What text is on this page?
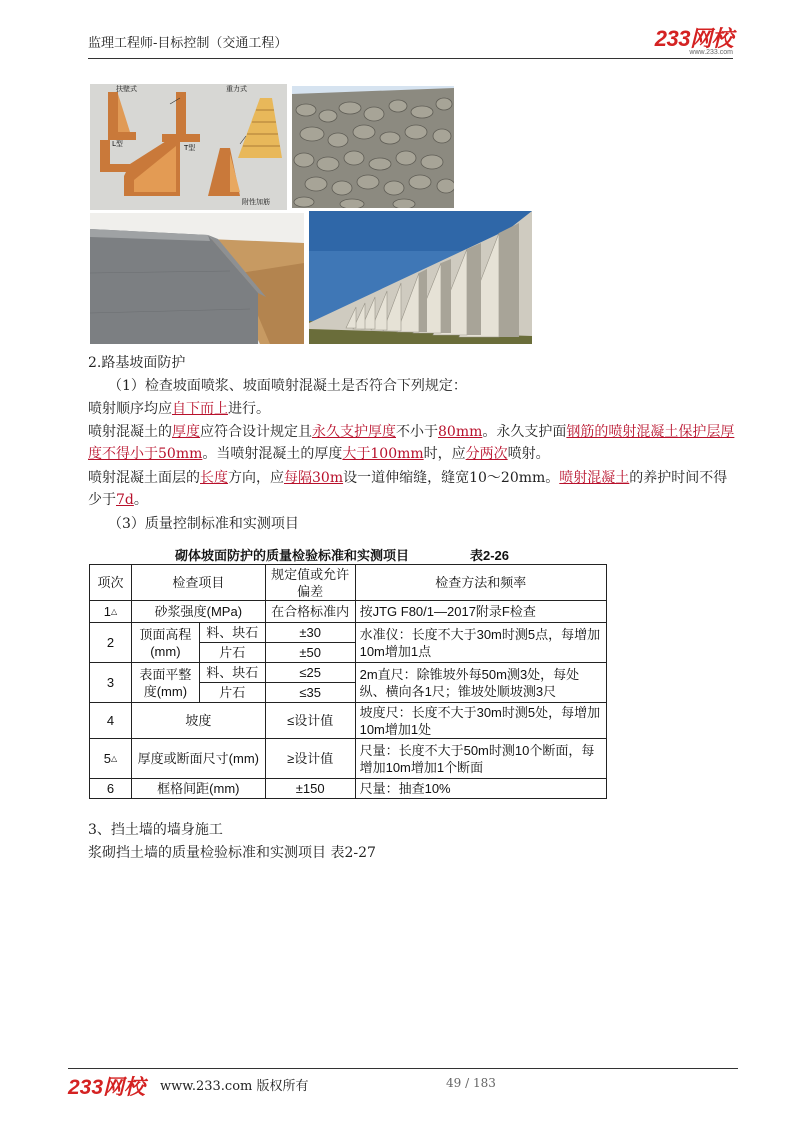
监理工程师-目标控制（交通工程）	233网校
www.233.com
扶壁式	重力式
L型	T型
附性加筋
2.路基坡面防护
（1）检查坡面喷浆、坡面喷射混凝土是否符合下列规定：
喷射顺序均应自下而上进行。
喷射混凝土的厚度应符合设计规定且永久支护厚度不小于80mm。永久支护面钢筋的喷射混凝土保护层厚度不得小于50mm。当喷射混凝土的厚度大于100mm时，应分两次喷射。
喷射混凝土面层的长度方向，应每隔30m设一道伸缩缝，缝宽10～20mm。喷射混凝土的养护时间不得少于7d。
（3）质量控制标准和实测项目
砌体坡面防护的质量检验标准和实测项目	表2-26
项次	检查项目		规定值或允许偏差	检查方法和频率
1△	砂浆强度(MPa)		在合格标准内	按JTG F80/1—2017附录F检查
2	顶面高程(mm)	料、块石	±30	水准仪：长度不大于30m时测5点，每增加10m增加1点
		片石	±50	
3	表面平整度(mm)	料、块石	≤25	2m直尺：除锥坡外每50m测3处，每处纵、横向各1尺；锥坡处顺坡测3尺
		片石	≤35	
4	坡度		≤设计值	坡度尺：长度不大于30m时测5处，每增加10m增加1处
5△	厚度或断面尺寸(mm)		≥设计值	尺量：长度不大于50m时测10个断面，每增加10m增加1个断面
6	框格间距(mm)		±150	尺量：抽查10%
3、挡土墙的墙身施工
浆砌挡土墙的质量检验标准和实测项目 表2-27
233网校 www.233.com 版权所有	49 / 183
